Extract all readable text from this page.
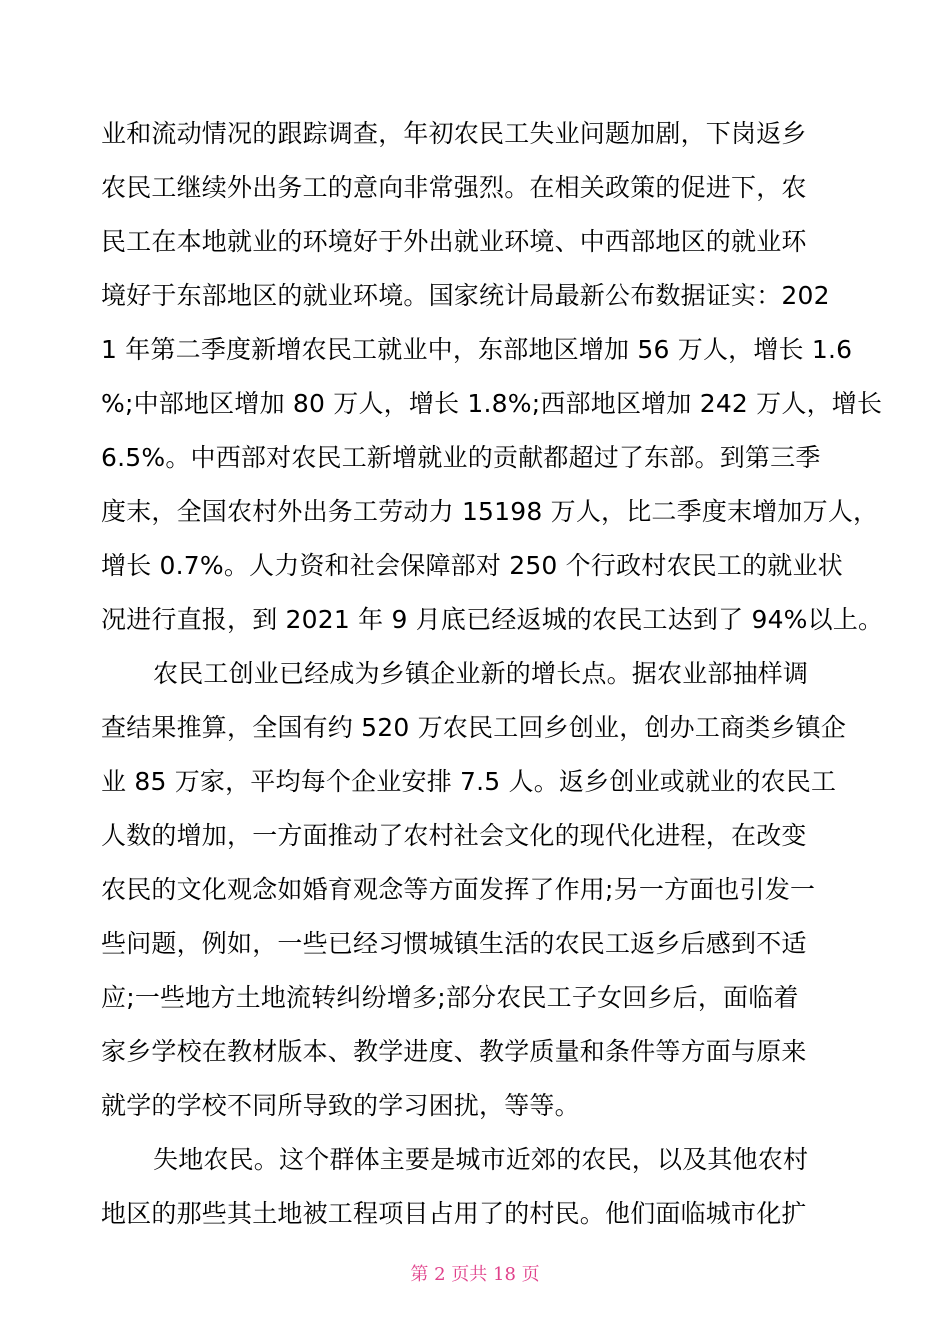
业和流动情况的跟踪调查，年初农民工失业问题加剧，下岗返乡
农民工继续外出务工的意向非常强烈。在相关政策的促进下，农
民工在本地就业的环境好于外出就业环境、中西部地区的就业环
境好于东部地区的就业环境。国家统计局最新公布数据证实：202
1 年第二季度新增农民工就业中，东部地区增加 56 万人，增长 1.6
%;中部地区增加 80 万人，增长 1.8%;西部地区增加 242 万人，增长
6.5%。中西部对农民工新增就业的贡献都超过了东部。到第三季
度末，全国农村外出务工劳动力 15198 万人，比二季度末增加万人，
增长 0.7%。人力资和社会保障部对 250 个行政村农民工的就业状
况进行直报，到 2021 年 9 月底已经返城的农民工达到了 94%以上。
农民工创业已经成为乡镇企业新的增长点。据农业部抽样调
查结果推算，全国有约 520 万农民工回乡创业，创办工商类乡镇企
业 85 万家，平均每个企业安排 7.5 人。返乡创业或就业的农民工
人数的增加，一方面推动了农村社会文化的现代化进程，在改变
农民的文化观念如婚育观念等方面发挥了作用;另一方面也引发一
些问题，例如，一些已经习惯城镇生活的农民工返乡后感到不适
应;一些地方土地流转纠纷增多;部分农民工子女回乡后，面临着
家乡学校在教材版本、教学进度、教学质量和条件等方面与原来
就学的学校不同所导致的学习困扰，等等。
失地农民。这个群体主要是城市近郊的农民，以及其他农村
地区的那些其土地被工程项目占用了的村民。他们面临城市化扩
第 2 页共 18 页
